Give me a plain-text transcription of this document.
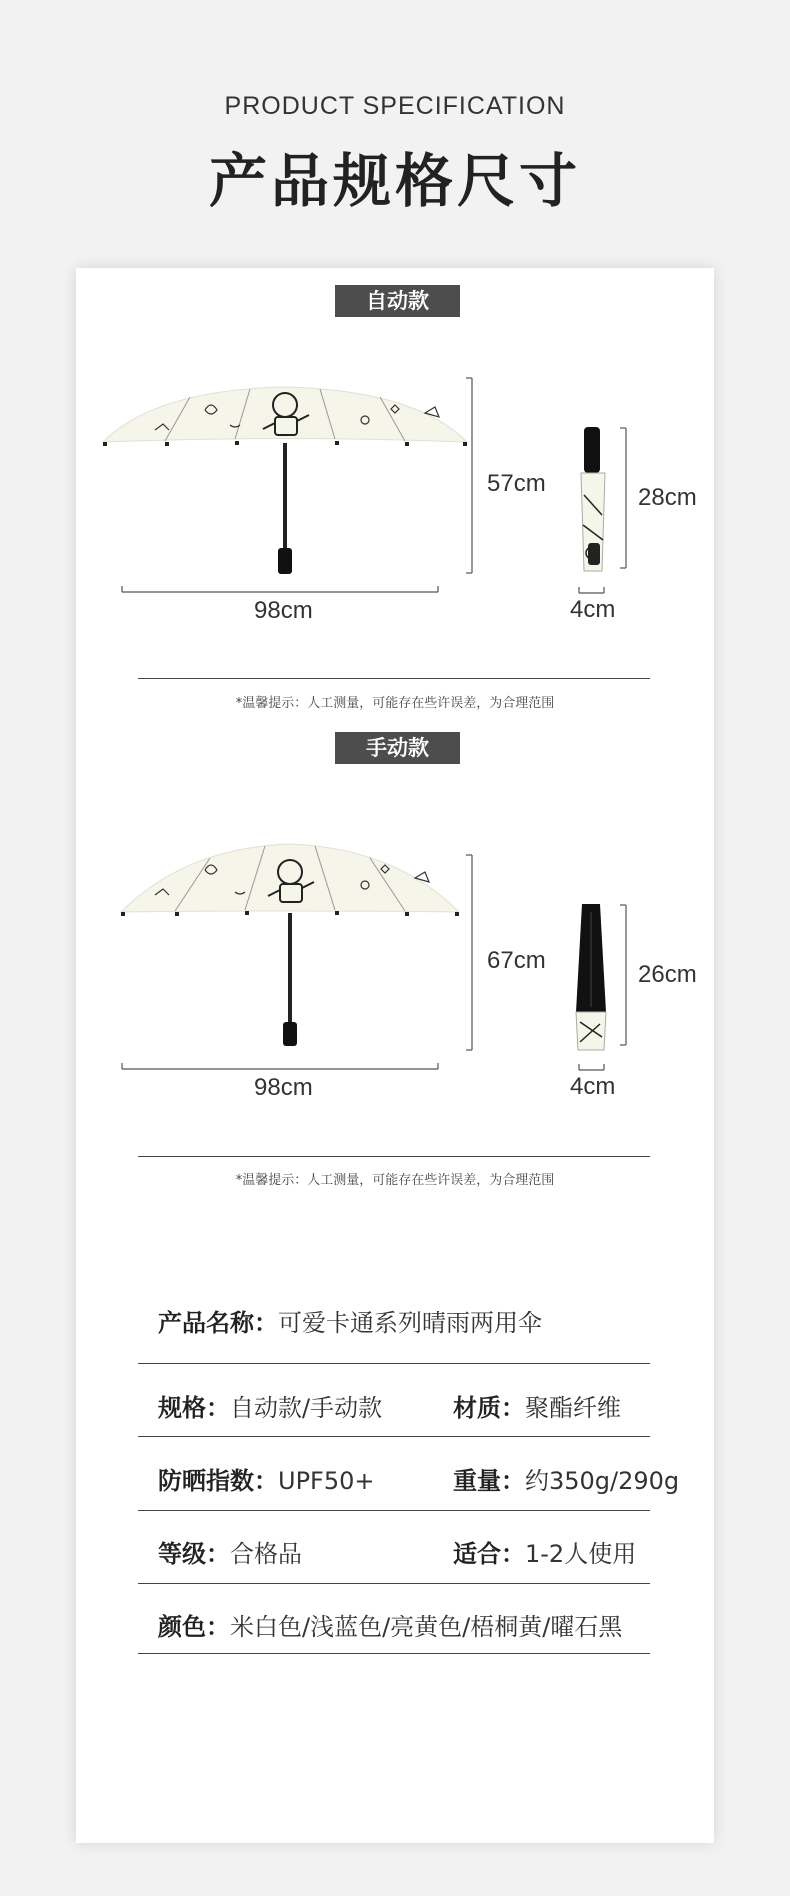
PRODUCT SPECIFICATION
产品规格尺寸
自动款
57cm
98cm
28cm
4cm
*温馨提示：人工测量，可能存在些许误差，为合理范围
手动款
67cm
98cm
26cm
4cm
*温馨提示：人工测量，可能存在些许误差，为合理范围
产品名称：可爱卡通系列晴雨两用伞
规格：自动款/手动款	材质：聚酯纤维
防晒指数：UPF50+	重量：约350g/290g
等级：合格品	适合：1-2人使用
颜色：米白色/浅蓝色/亮黄色/梧桐黄/曜石黑
